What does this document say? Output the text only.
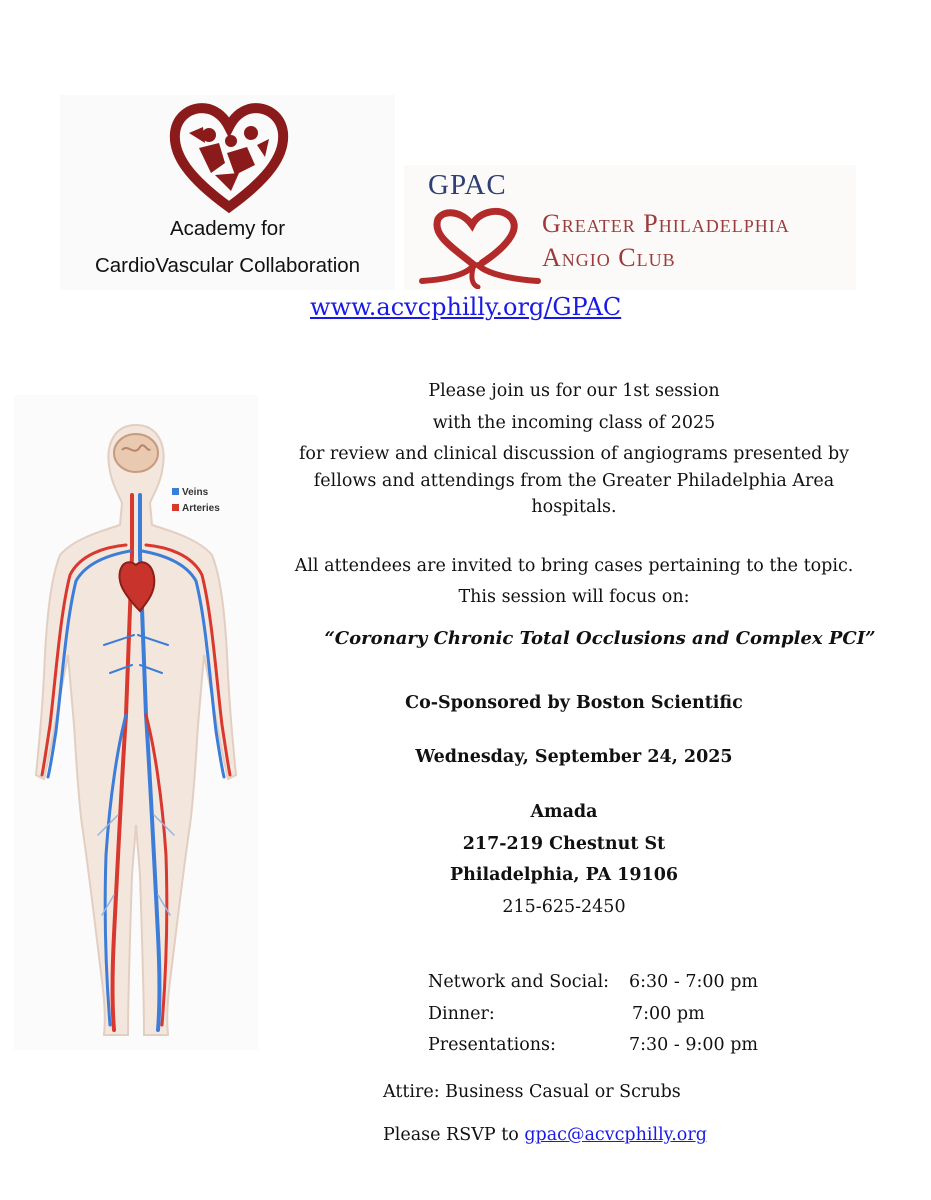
Academy for
CardioVascular Collaboration
GPAC
Greater Philadelphia
Angio Club
www.acvcphilly.org/GPAC
Veins
Arteries
Please join us for our 1st session
with the incoming class of 2025
for review and clinical discussion of angiograms presented by
fellows and attendings from the Greater Philadelphia Area
hospitals.
All attendees are invited to bring cases pertaining to the topic.
This session will focus on:
“Coronary Chronic Total Occlusions and Complex PCI”
Co-Sponsored by Boston Scientific
Wednesday, September 24, 2025
Amada
217-219 Chestnut St
Philadelphia, PA 19106
215-625-2450
Network and Social: 6:30 - 7:00 pm
Dinner:	7:00 pm
Presentations:	7:30 - 9:00 pm
Attire: Business Casual or Scrubs
Please RSVP to gpac@acvcphilly.org
